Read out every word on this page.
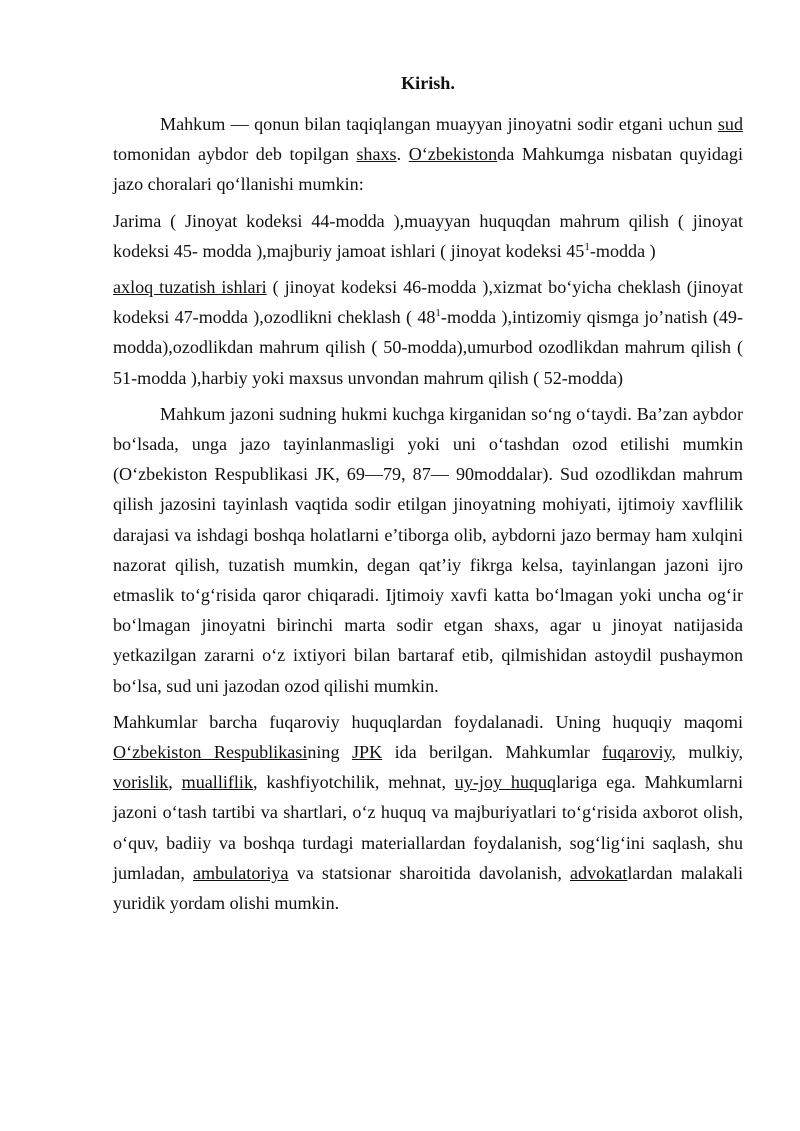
Kirish.

Mahkum — qonun bilan taqiqlangan muayyan jinoyatni sodir etgani uchun sud tomonidan aybdor deb topilgan shaxs. O‘zbekistonda Mahkumga nisbatan quyidagi jazo choralari qo‘llanishi mumkin:

Jarima ( Jinoyat kodeksi 44-modda ),muayyan huquqdan mahrum qilish ( jinoyat kodeksi 45- modda ),majburiy jamoat ishlari ( jinoyat kodeksi $45^1$-modda )

axloq tuzatish ishlari ( jinoyat kodeksi 46-modda ),xizmat bo‘yicha cheklash (jinoyat kodeksi 47-modda ),ozodlikni cheklash ( $48^1$-modda ),intizomiy qismga jo’natish (49-modda),ozodlikdan mahrum qilish ( 50-modda),umurbod ozodlikdan mahrum qilish ( 51-modda ),harbiy yoki maxsus unvondan mahrum qilish ( 52-modda)

Mahkum jazoni sudning hukmi kuchga kirganidan so‘ng o‘taydi. Ba’zan aybdor bo‘lsada, unga jazo tayinlanmasligi yoki uni o‘tashdan ozod etilishi mumkin (O‘zbekiston Respublikasi JK, 69—79, 87— 90moddalar). Sud ozodlikdan mahrum qilish jazosini tayinlash vaqtida sodir etilgan jinoyatning mohiyati, ijtimoiy xavflilik darajasi va ishdagi boshqa holatlarni e’tiborga olib, aybdorni jazo bermay ham xulqini nazorat qilish, tuzatish mumkin, degan qat’iy fikrga kelsa, tayinlangan jazoni ijro etmaslik to‘g‘risida qaror chiqaradi. Ijtimoiy xavfi katta bo‘lmagan yoki uncha og‘ir bo‘lmagan jinoyatni birinchi marta sodir etgan shaxs, agar u jinoyat natijasida yetkazilgan zararni o‘z ixtiyori bilan bartaraf etib, qilmishidan astoydil pushaymon bo‘lsa, sud uni jazodan ozod qilishi mumkin.

Mahkumlar barcha fuqaroviy huquqlardan foydalanadi. Uning huquqiy maqomi O‘zbekiston Respublikasining JPK ida berilgan. Mahkumlar fuqaroviy, mulkiy, vorislik, mualliflik, kashfiyotchilik, mehnat, uy-joy huquqlariga ega. Mahkumlarni jazoni o‘tash tartibi va shartlari, o‘z huquq va majburiyatlari to‘g‘risida axborot olish, o‘quv, badiiy va boshqa turdagi materiallardan foydalanish, sog‘lig‘ini saqlash, shu jumladan, ambulatoriya va statsionar sharoitida davolanish, advokatlardan malakali yuridik yordam olishi mumkin.
